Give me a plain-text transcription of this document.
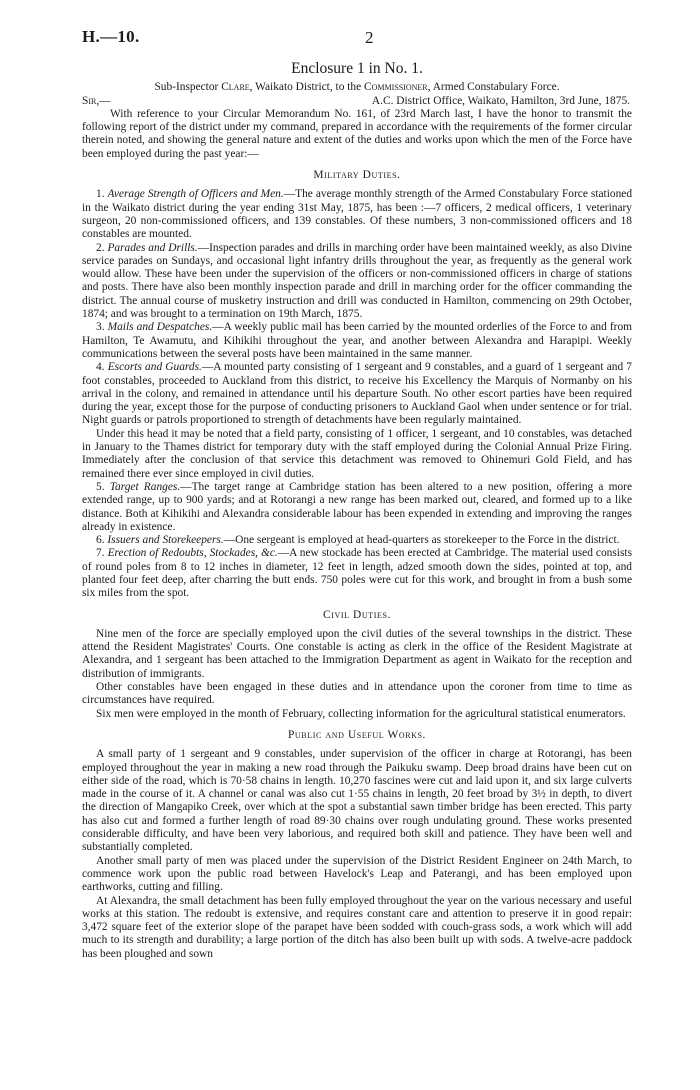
H.—10.	2
Enclosure 1 in No. 1.

Sub-Inspector Clare, Waikato District, to the Commissioner, Armed Constabulary Force.

Sir,—	A.C. District Office, Waikato, Hamilton, 3rd June, 1875.

With reference to your Circular Memorandum No. 161, of 23rd March last, I have the honor to transmit the following report of the district under my command, prepared in accordance with the requirements of the former circular therein noted, and showing the general nature and extent of the duties and works upon which the men of the Force have been employed during the past year:—

Military Duties.

1. Average Strength of Officers and Men.—The average monthly strength of the Armed Constabulary Force stationed in the Waikato district during the year ending 31st May, 1875, has been :—7 officers, 2 medical officers, 1 veterinary surgeon, 20 non-commissioned officers, and 139 constables. Of these numbers, 3 non-commissioned officers and 18 constables are mounted.

2. Parades and Drills.—Inspection parades and drills in marching order have been maintained weekly, as also Divine service parades on Sundays, and occasional light infantry drills throughout the year, as frequently as the general work would allow. These have been under the supervision of the officers or non-commissioned officers in charge of stations and posts. There have also been monthly inspection parade and drill in marching order for the officer commanding the district. The annual course of musketry instruction and drill was conducted in Hamilton, commencing on 29th October, 1874; and was brought to a termination on 19th March, 1875.

3. Mails and Despatches.—A weekly public mail has been carried by the mounted orderlies of the Force to and from Hamilton, Te Awamutu, and Kihikihi throughout the year, and another between Alexandra and Harapipi. Weekly communications between the several posts have been maintained in the same manner.

4. Escorts and Guards.—A mounted party consisting of 1 sergeant and 9 constables, and a guard of 1 sergeant and 7 foot constables, proceeded to Auckland from this district, to receive his Excellency the Marquis of Normanby on his arrival in the colony, and remained in attendance until his departure South. No other escort parties have been required during the year, except those for the purpose of conducting prisoners to Auckland Gaol when under sentence or for trial. Night guards or patrols proportioned to strength of detachments have been regularly maintained.

Under this head it may be noted that a field party, consisting of 1 officer, 1 sergeant, and 10 constables, was detached in January to the Thames district for temporary duty with the staff employed during the Colonial Annual Prize Firing. Immediately after the conclusion of that service this detachment was removed to Ohinemuri Gold Field, and has remained there ever since employed in civil duties.

5. Target Ranges.—The target range at Cambridge station has been altered to a new position, offering a more extended range, up to 900 yards; and at Rotorangi a new range has been marked out, cleared, and formed up to a like distance. Both at Kihikihi and Alexandra considerable labour has been expended in extending and improving the ranges already in existence.

6. Issuers and Storekeepers.—One sergeant is employed at head-quarters as storekeeper to the Force in the district.

7. Erection of Redoubts, Stockades, &c.—A new stockade has been erected at Cambridge. The material used consists of round poles from 8 to 12 inches in diameter, 12 feet in length, adzed smooth down the sides, pointed at top, and planted four feet deep, after charring the butt ends. 750 poles were cut for this work, and brought in from a bush some six miles from the spot.

Civil Duties.

Nine men of the force are specially employed upon the civil duties of the several townships in the district. These attend the Resident Magistrates' Courts. One constable is acting as clerk in the office of the Resident Magistrate at Alexandra, and 1 sergeant has been attached to the Immigration Department as agent in Waikato for the reception and distribution of immigrants.

Other constables have been engaged in these duties and in attendance upon the coroner from time to time as circumstances have required.

Six men were employed in the month of February, collecting information for the agricultural statistical enumerators.

Public and Useful Works.

A small party of 1 sergeant and 9 constables, under supervision of the officer in charge at Rotorangi, has been employed throughout the year in making a new road through the Paikuku swamp. Deep broad drains have been cut on either side of the road, which is 70·58 chains in length. 10,270 fascines were cut and laid upon it, and six large culverts made in the course of it. A channel or canal was also cut 1·55 chains in length, 20 feet broad by 3½ in depth, to divert the direction of Mangapiko Creek, over which at the spot a substantial sawn timber bridge has been erected. This party has also cut and formed a further length of road 89·30 chains over rough undulating ground. These works presented considerable difficulty, and have been very laborious, and required both skill and patience. They have been well and substantially completed.

Another small party of men was placed under the supervision of the District Resident Engineer on 24th March, to commence work upon the public road between Havelock's Leap and Paterangi, and has been employed upon earthworks, cutting and filling.

At Alexandra, the small detachment has been fully employed throughout the year on the various necessary and useful works at this station. The redoubt is extensive, and requires constant care and attention to preserve it in good repair: 3,472 square feet of the exterior slope of the parapet have been sodded with couch-grass sods, a work which will add much to its strength and durability; a large portion of the ditch has also been built up with sods. A twelve-acre paddock has been ploughed and sown
